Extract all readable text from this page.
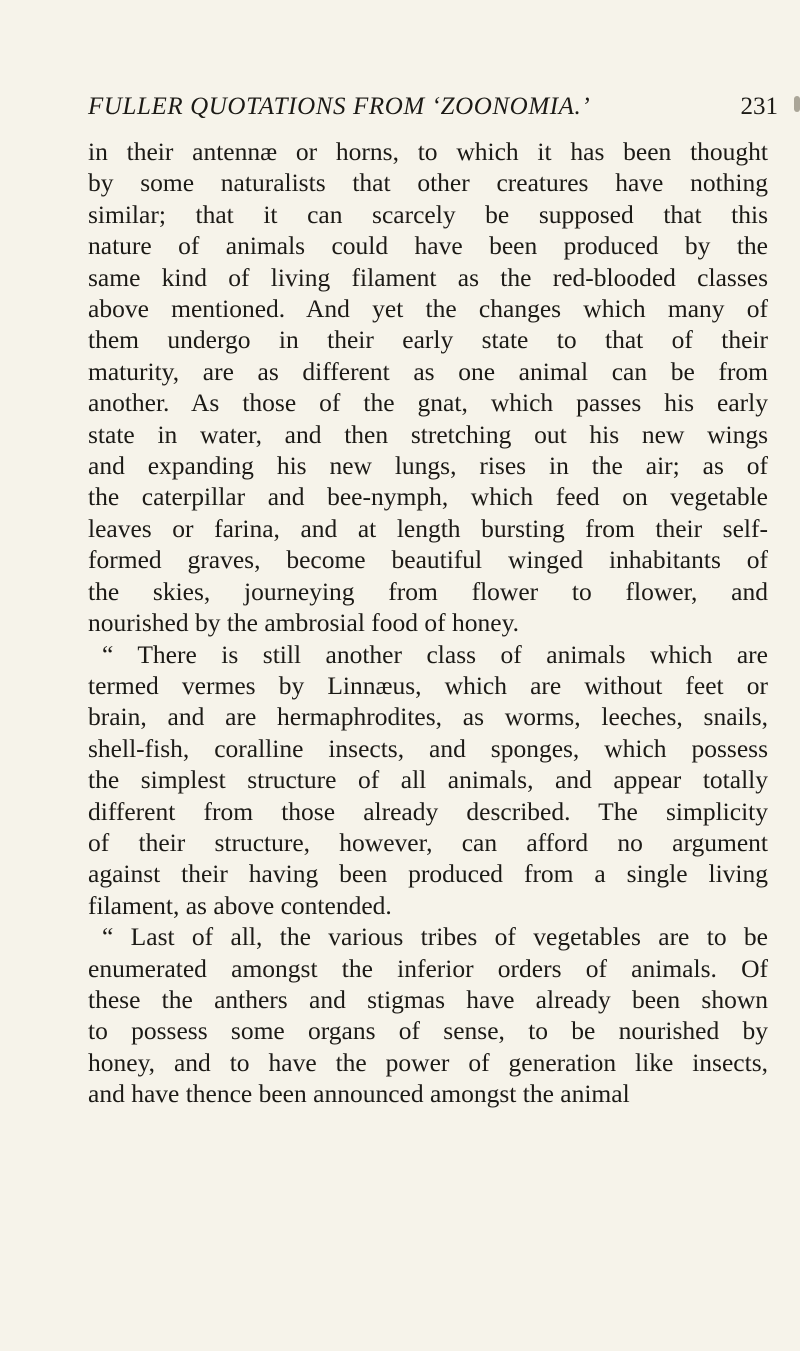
FULLER QUOTATIONS FROM ‘ZOONOMIA.’	231
in their antennæ or horns, to which it has been thought
by some naturalists that other creatures have nothing
similar; that it can scarcely be supposed that this
nature of animals could have been produced by the
same kind of living filament as the red-blooded classes
above mentioned. And yet the changes which many of
them undergo in their early state to that of their
maturity, are as different as one animal can be from
another. As those of the gnat, which passes his early
state in water, and then stretching out his new wings
and expanding his new lungs, rises in the air; as of
the caterpillar and bee-nymph, which feed on vegetable
leaves or farina, and at length bursting from their self-
formed graves, become beautiful winged inhabitants of
the skies, journeying from flower to flower, and
nourished by the ambrosial food of honey.
“ There is still another class of animals which are
termed vermes by Linnæus, which are without feet or
brain, and are hermaphrodites, as worms, leeches, snails,
shell-fish, coralline insects, and sponges, which possess
the simplest structure of all animals, and appear totally
different from those already described. The simplicity
of their structure, however, can afford no argument
against their having been produced from a single living
filament, as above contended.
“ Last of all, the various tribes of vegetables are to be
enumerated amongst the inferior orders of animals. Of
these the anthers and stigmas have already been shown
to possess some organs of sense, to be nourished by
honey, and to have the power of generation like insects,
and have thence been announced amongst the animal
